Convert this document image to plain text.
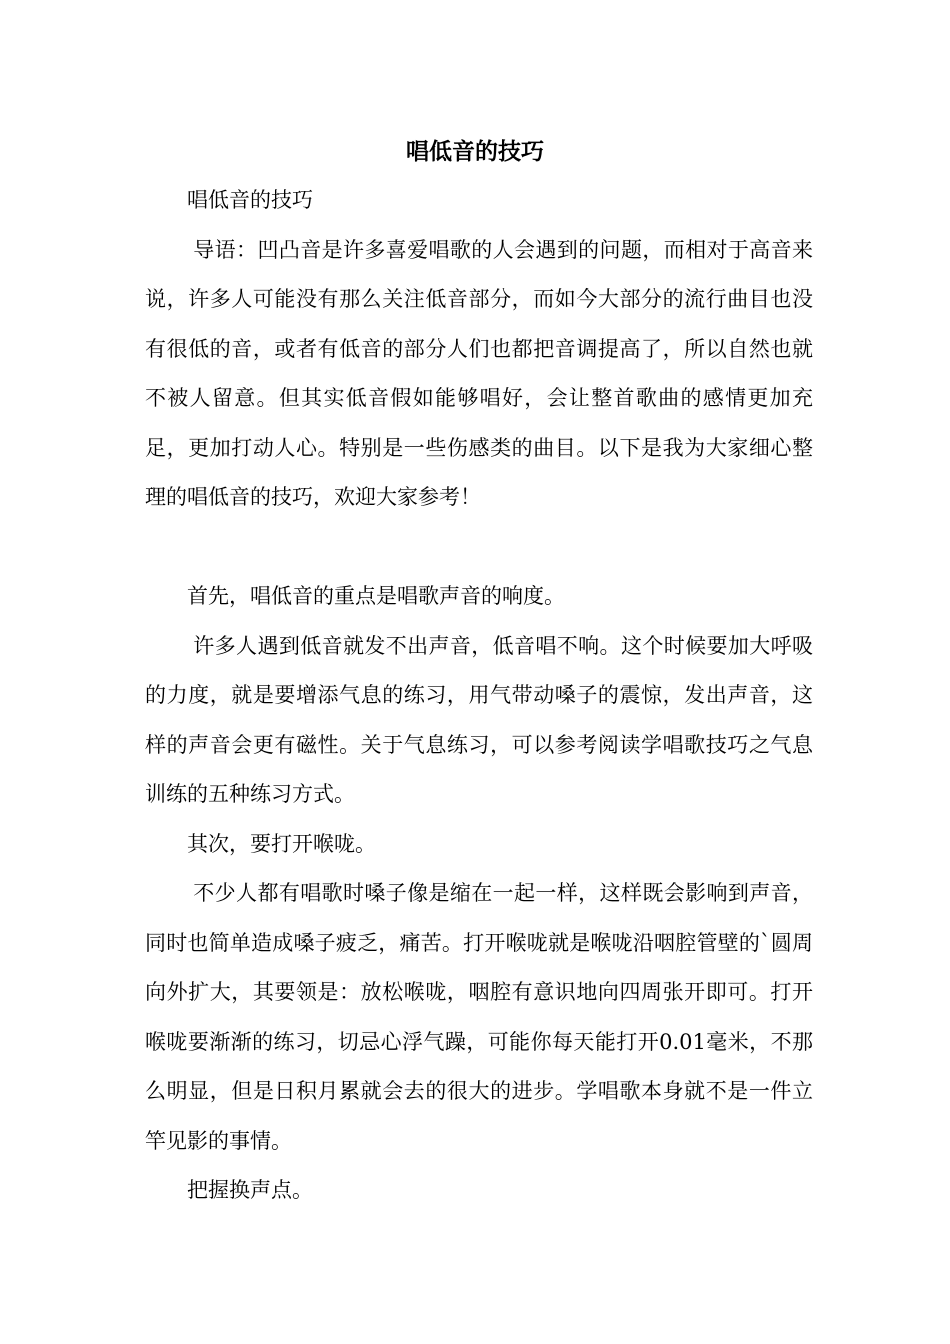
唱低音的技巧

唱低音的技巧

导语：凹凸音是许多喜爱唱歌的人会遇到的问题，而相对于高音来说，许多人可能没有那么关注低音部分，而如今大部分的流行曲目也没有很低的音，或者有低音的部分人们也都把音调提高了，所以自然也就不被人留意。但其实低音假如能够唱好，会让整首歌曲的感情更加充足，更加打动人心。特别是一些伤感类的曲目。以下是我为大家细心整理的唱低音的技巧，欢迎大家参考！

首先，唱低音的重点是唱歌声音的响度。

许多人遇到低音就发不出声音，低音唱不响。这个时候要加大呼吸的力度，就是要增添气息的练习，用气带动嗓子的震惊，发出声音，这样的声音会更有磁性。关于气息练习，可以参考阅读学唱歌技巧之气息训练的五种练习方式。

其次，要打开喉咙。

不少人都有唱歌时嗓子像是缩在一起一样，这样既会影响到声音，同时也简单造成嗓子疲乏，痛苦。打开喉咙就是喉咙沿咽腔管壁的`圆周向外扩大，其要领是：放松喉咙，咽腔有意识地向四周张开即可。打开喉咙要渐渐的练习，切忌心浮气躁，可能你每天能打开0.01毫米，不那么明显，但是日积月累就会去的很大的进步。学唱歌本身就不是一件立竿见影的事情。

把握换声点。
